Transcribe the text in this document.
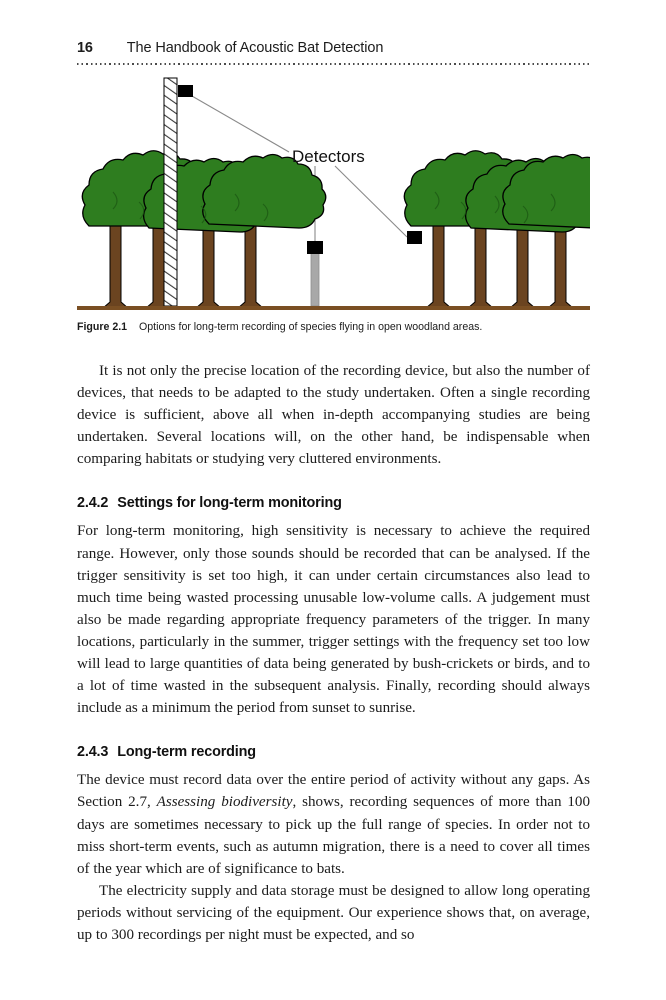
16 The Handbook of Acoustic Bat Detection
Detectors
Figure 2.1 Options for long-term recording of species flying in open woodland areas.

It is not only the precise location of the recording device, but also the number of devices, that needs to be adapted to the study undertaken. Often a single recording device is sufficient, above all when in-depth accompanying studies are being undertaken. Several locations will, on the other hand, be indispensable when comparing habitats or studying very cluttered environments.

2.4.2 Settings for long-term monitoring

For long-term monitoring, high sensitivity is necessary to achieve the required range. However, only those sounds should be recorded that can be analysed. If the trigger sensitivity is set too high, it can under certain circumstances also lead to much time being wasted processing unusable low-volume calls. A judgement must also be made regarding appropriate frequency parameters of the trigger. In many locations, particularly in the summer, trigger settings with the frequency set too low will lead to large quantities of data being generated by bush-crickets or birds, and to a lot of time wasted in the subsequent analysis. Finally, recording should always include as a minimum the period from sunset to sunrise.

2.4.3 Long-term recording

The device must record data over the entire period of activity without any gaps. As Section 2.7, Assessing biodiversity, shows, recording sequences of more than 100 days are sometimes necessary to pick up the full range of species. In order not to miss short-term events, such as autumn migration, there is a need to cover all times of the year which are of significance to bats.

The electricity supply and data storage must be designed to allow long operating periods without servicing of the equipment. Our experience shows that, on average, up to 300 recordings per night must be expected, and so
